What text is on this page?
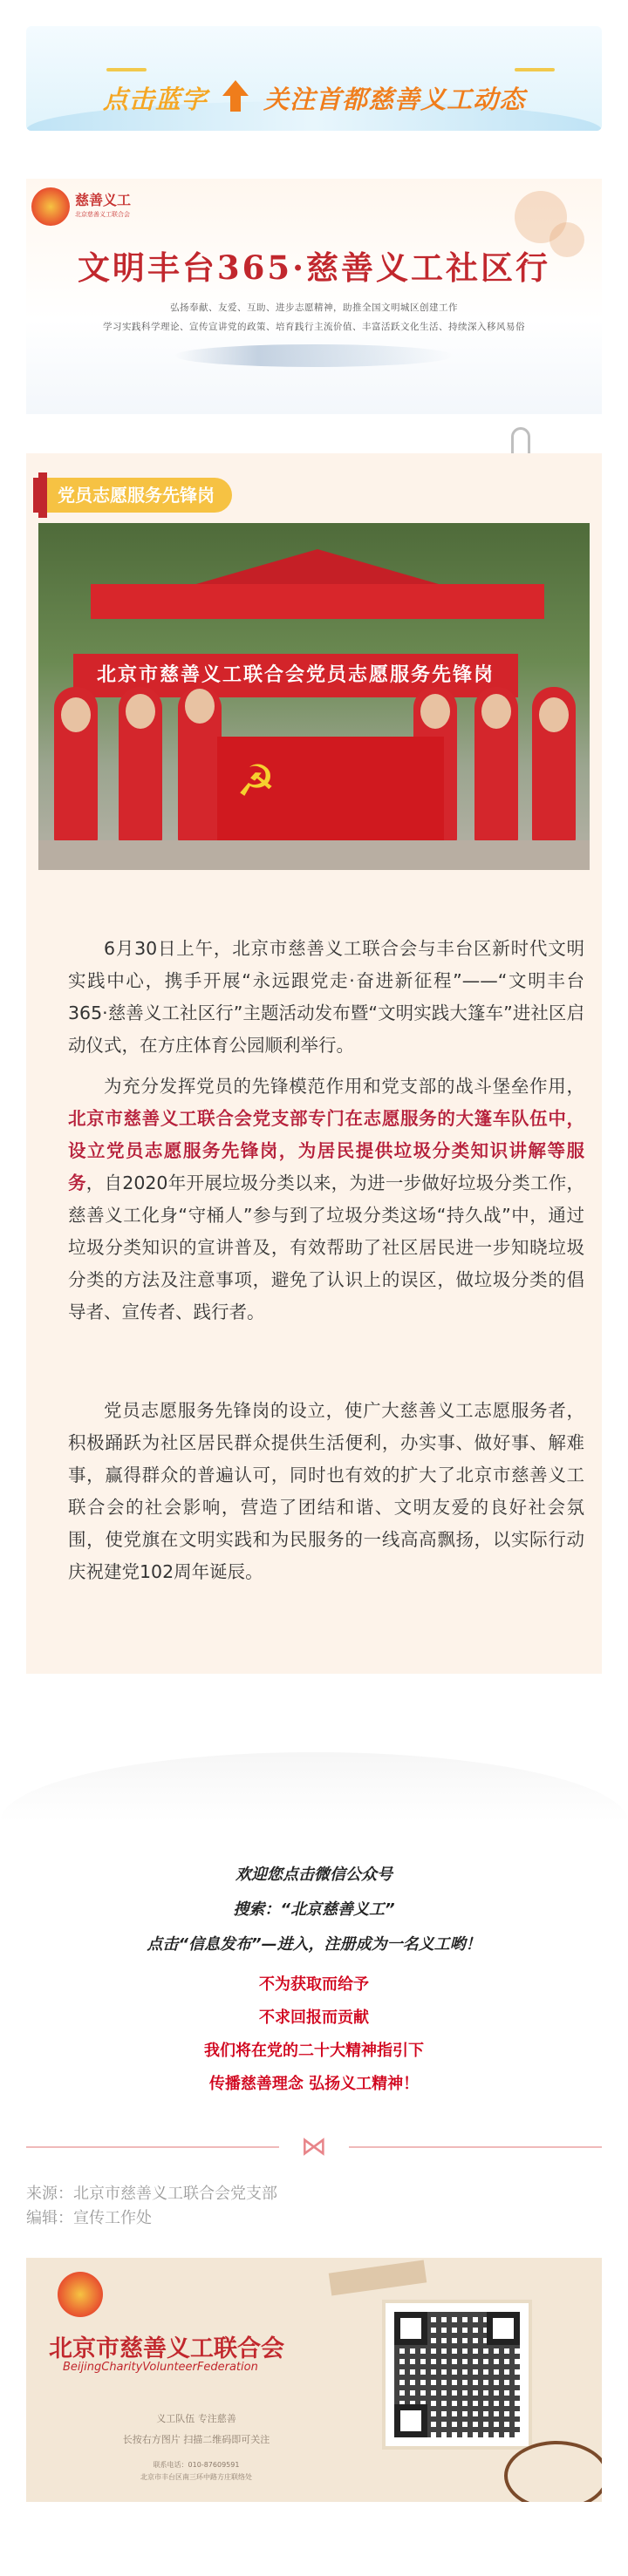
点击蓝字 关注首都慈善义工动态
慈善义工
北京慈善义工联合会
文明丰台365·慈善义工社区行
弘扬奉献、友爱、互助、进步志愿精神，助推全国文明城区创建工作
学习实践科学理论、宣传宣讲党的政策、培育践行主流价值、丰富活跃文化生活、持续深入移风易俗
党员志愿服务先锋岗
北京市慈善义工联合会党员志愿服务先锋岗
☭
6月30日上午，北京市慈善义工联合会与丰台区新时代文明实践中心，携手开展“永远跟党走·奋进新征程”——“文明丰台365·慈善义工社区行”主题活动发布暨“文明实践大篷车”进社区启动仪式，在方庄体育公园顺利举行。
为充分发挥党员的先锋模范作用和党支部的战斗堡垒作用，北京市慈善义工联合会党支部专门在志愿服务的大篷车队伍中，设立党员志愿服务先锋岗，为居民提供垃圾分类知识讲解等服务，自2020年开展垃圾分类以来，为进一步做好垃圾分类工作，慈善义工化身“守桶人”参与到了垃圾分类这场“持久战”中，通过垃圾分类知识的宣讲普及，有效帮助了社区居民进一步知晓垃圾分类的方法及注意事项，避免了认识上的误区，做垃圾分类的倡导者、宣传者、践行者。
党员志愿服务先锋岗的设立，使广大慈善义工志愿服务者，积极踊跃为社区居民群众提供生活便利，办实事、做好事、解难事，赢得群众的普遍认可，同时也有效的扩大了北京市慈善义工联合会的社会影响，营造了团结和谐、文明友爱的良好社会氛围，使党旗在文明实践和为民服务的一线高高飘扬，以实际行动庆祝建党102周年诞辰。
欢迎您点击微信公众号
搜索：“北京慈善义工”
点击“信息发布”—进入，注册成为一名义工哟！
不为获取而给予
不求回报而贡献
我们将在党的二十大精神指引下
传播慈善理念 弘扬义工精神！
⋈
来源：北京市慈善义工联合会党支部
编辑：宣传工作处
北京市慈善义工联合会
BeijingCharityVolunteerFederation
义工队伍 专注慈善
长按右方图片 扫描二维码即可关注
联系电话：010-87609591
北京市丰台区南三环中路方庄联络处
